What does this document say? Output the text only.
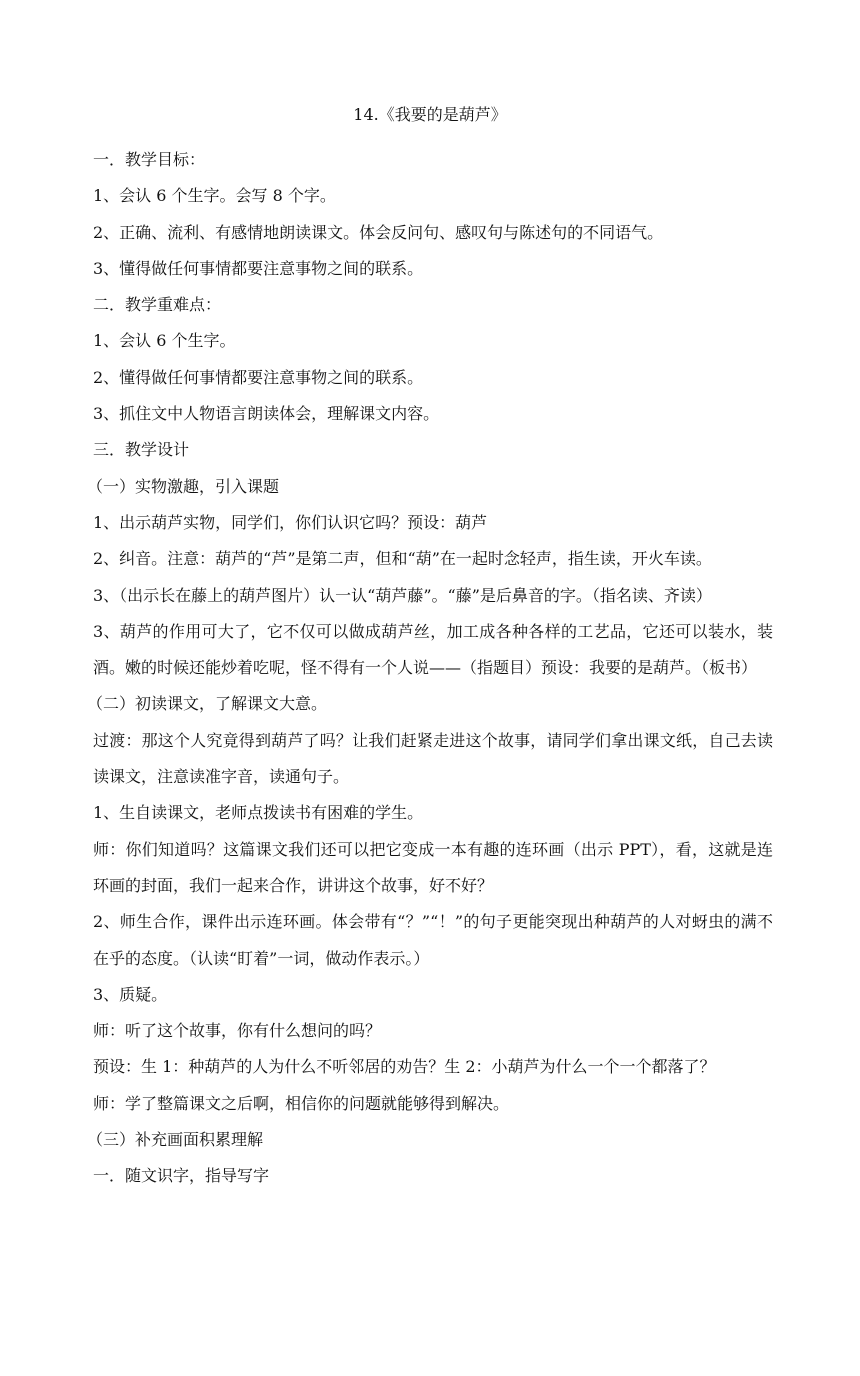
14.《我要的是葫芦》

一．教学目标：

1、会认 6 个生字。会写 8 个字。

2、正确、流利、有感情地朗读课文。体会反问句、感叹句与陈述句的不同语气。

3、懂得做任何事情都要注意事物之间的联系。

二．教学重难点：

1、会认 6 个生字。

2、懂得做任何事情都要注意事物之间的联系。

3、抓住文中人物语言朗读体会，理解课文内容。

三．教学设计

（一）实物激趣，引入课题

1、出示葫芦实物，同学们，你们认识它吗？预设：葫芦

2、纠音。注意：葫芦的“芦”是第二声，但和“葫”在一起时念轻声，指生读，开火车读。

3、（出示长在藤上的葫芦图片）认一认“葫芦藤”。“藤”是后鼻音的字。（指名读、齐读）

3、葫芦的作用可大了，它不仅可以做成葫芦丝，加工成各种各样的工艺品，它还可以装水，装酒。嫩的时候还能炒着吃呢，怪不得有一个人说——（指题目）预设：我要的是葫芦。（板书）

（二）初读课文，了解课文大意。

过渡：那这个人究竟得到葫芦了吗？让我们赶紧走进这个故事，请同学们拿出课文纸，自己去读读课文，注意读准字音，读通句子。

1、生自读课文，老师点拨读书有困难的学生。

师：你们知道吗？这篇课文我们还可以把它变成一本有趣的连环画（出示 PPT），看，这就是连环画的封面，我们一起来合作，讲讲这个故事，好不好？

2、师生合作，课件出示连环画。体会带有“？”“！”的句子更能突现出种葫芦的人对蚜虫的满不在乎的态度。（认读“盯着”一词，做动作表示。）

3、质疑。

师：听了这个故事，你有什么想问的吗？

预设：生 1：种葫芦的人为什么不听邻居的劝告？生 2：小葫芦为什么一个一个都落了？

师：学了整篇课文之后啊，相信你的问题就能够得到解决。

（三）补充画面积累理解

一．随文识字，指导写字
